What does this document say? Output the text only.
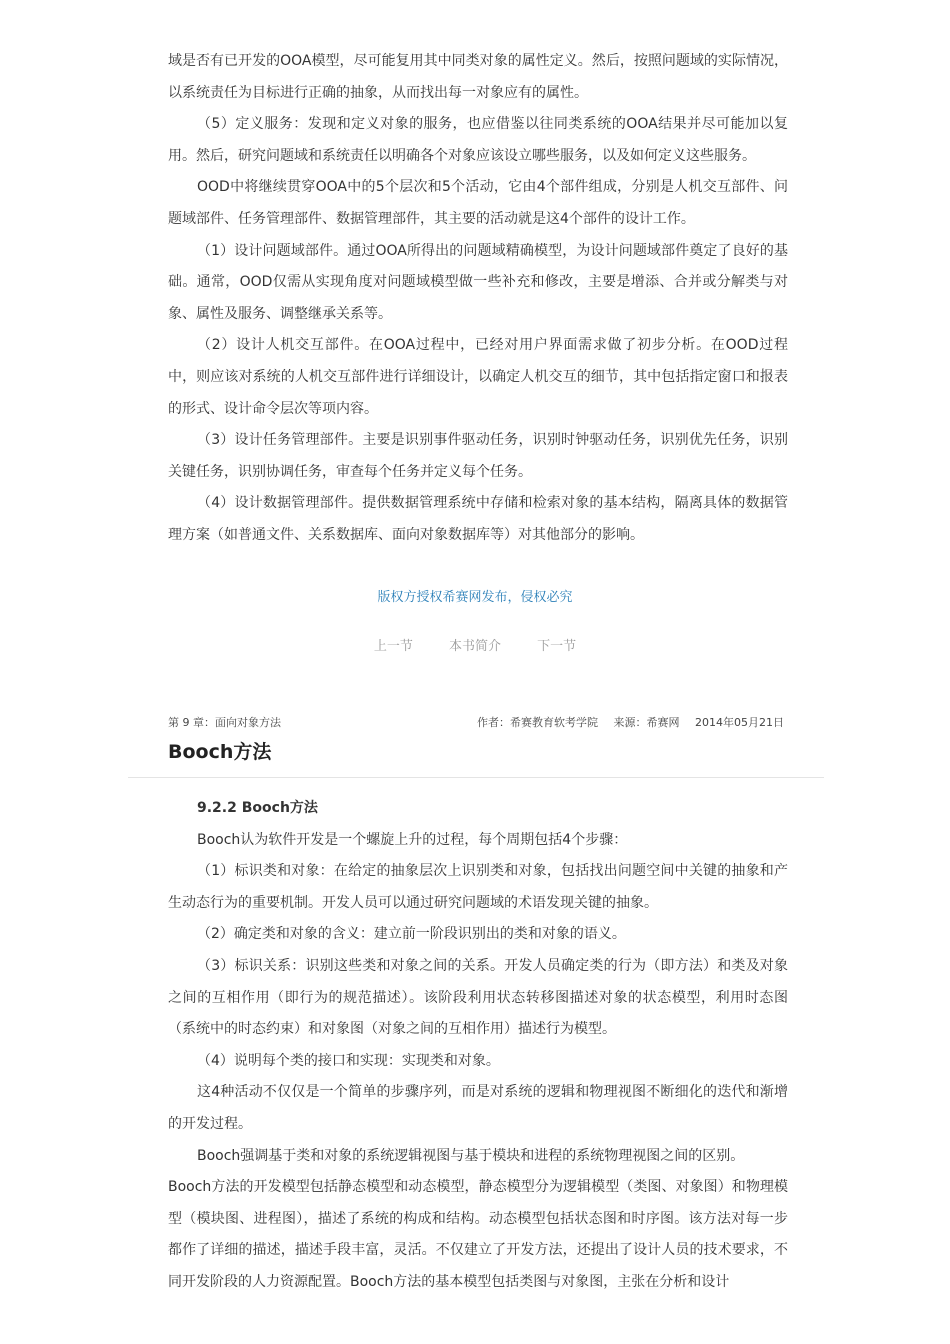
域是否有已开发的OOA模型，尽可能复用其中同类对象的属性定义。然后，按照问题域的实际情况，以系统责任为目标进行正确的抽象，从而找出每一对象应有的属性。

（5）定义服务：发现和定义对象的服务，也应借鉴以往同类系统的OOA结果并尽可能加以复用。然后，研究问题域和系统责任以明确各个对象应该设立哪些服务，以及如何定义这些服务。

OOD中将继续贯穿OOA中的5个层次和5个活动，它由4个部件组成，分别是人机交互部件、问题域部件、任务管理部件、数据管理部件，其主要的活动就是这4个部件的设计工作。

（1）设计问题域部件。通过OOA所得出的问题域精确模型，为设计问题域部件奠定了良好的基础。通常，OOD仅需从实现角度对问题域模型做一些补充和修改，主要是增添、合并或分解类与对象、属性及服务、调整继承关系等。

（2）设计人机交互部件。在OOA过程中，已经对用户界面需求做了初步分析。在OOD过程中，则应该对系统的人机交互部件进行详细设计，以确定人机交互的细节，其中包括指定窗口和报表的形式、设计命令层次等项内容。

（3）设计任务管理部件。主要是识别事件驱动任务，识别时钟驱动任务，识别优先任务，识别关键任务，识别协调任务，审查每个任务并定义每个任务。

（4）设计数据管理部件。提供数据管理系统中存储和检索对象的基本结构，隔离具体的数据管理方案（如普通文件、关系数据库、面向对象数据库等）对其他部分的影响。

版权方授权希赛网发布，侵权必究
上一节	本书简介	下一节
第 9 章：面向对象方法	作者：希赛教育软考学院 来源：希赛网 2014年05月21日
Booch方法

9.2.2 Booch方法

Booch认为软件开发是一个螺旋上升的过程，每个周期包括4个步骤：

（1）标识类和对象：在给定的抽象层次上识别类和对象，包括找出问题空间中关键的抽象和产生动态行为的重要机制。开发人员可以通过研究问题域的术语发现关键的抽象。

（2）确定类和对象的含义：建立前一阶段识别出的类和对象的语义。

（3）标识关系：识别这些类和对象之间的关系。开发人员确定类的行为（即方法）和类及对象之间的互相作用（即行为的规范描述）。该阶段利用状态转移图描述对象的状态模型，利用时态图（系统中的时态约束）和对象图（对象之间的互相作用）描述行为模型。

（4）说明每个类的接口和实现：实现类和对象。

这4种活动不仅仅是一个简单的步骤序列，而是对系统的逻辑和物理视图不断细化的迭代和渐增的开发过程。

Booch强调基于类和对象的系统逻辑视图与基于模块和进程的系统物理视图之间的区别。

Booch方法的开发模型包括静态模型和动态模型，静态模型分为逻辑模型（类图、对象图）和物理模型（模块图、进程图），描述了系统的构成和结构。动态模型包括状态图和时序图。该方法对每一步都作了详细的描述，描述手段丰富，灵活。不仅建立了开发方法，还提出了设计人员的技术要求，不同开发阶段的人力资源配置。Booch方法的基本模型包括类图与对象图，主张在分析和设计
